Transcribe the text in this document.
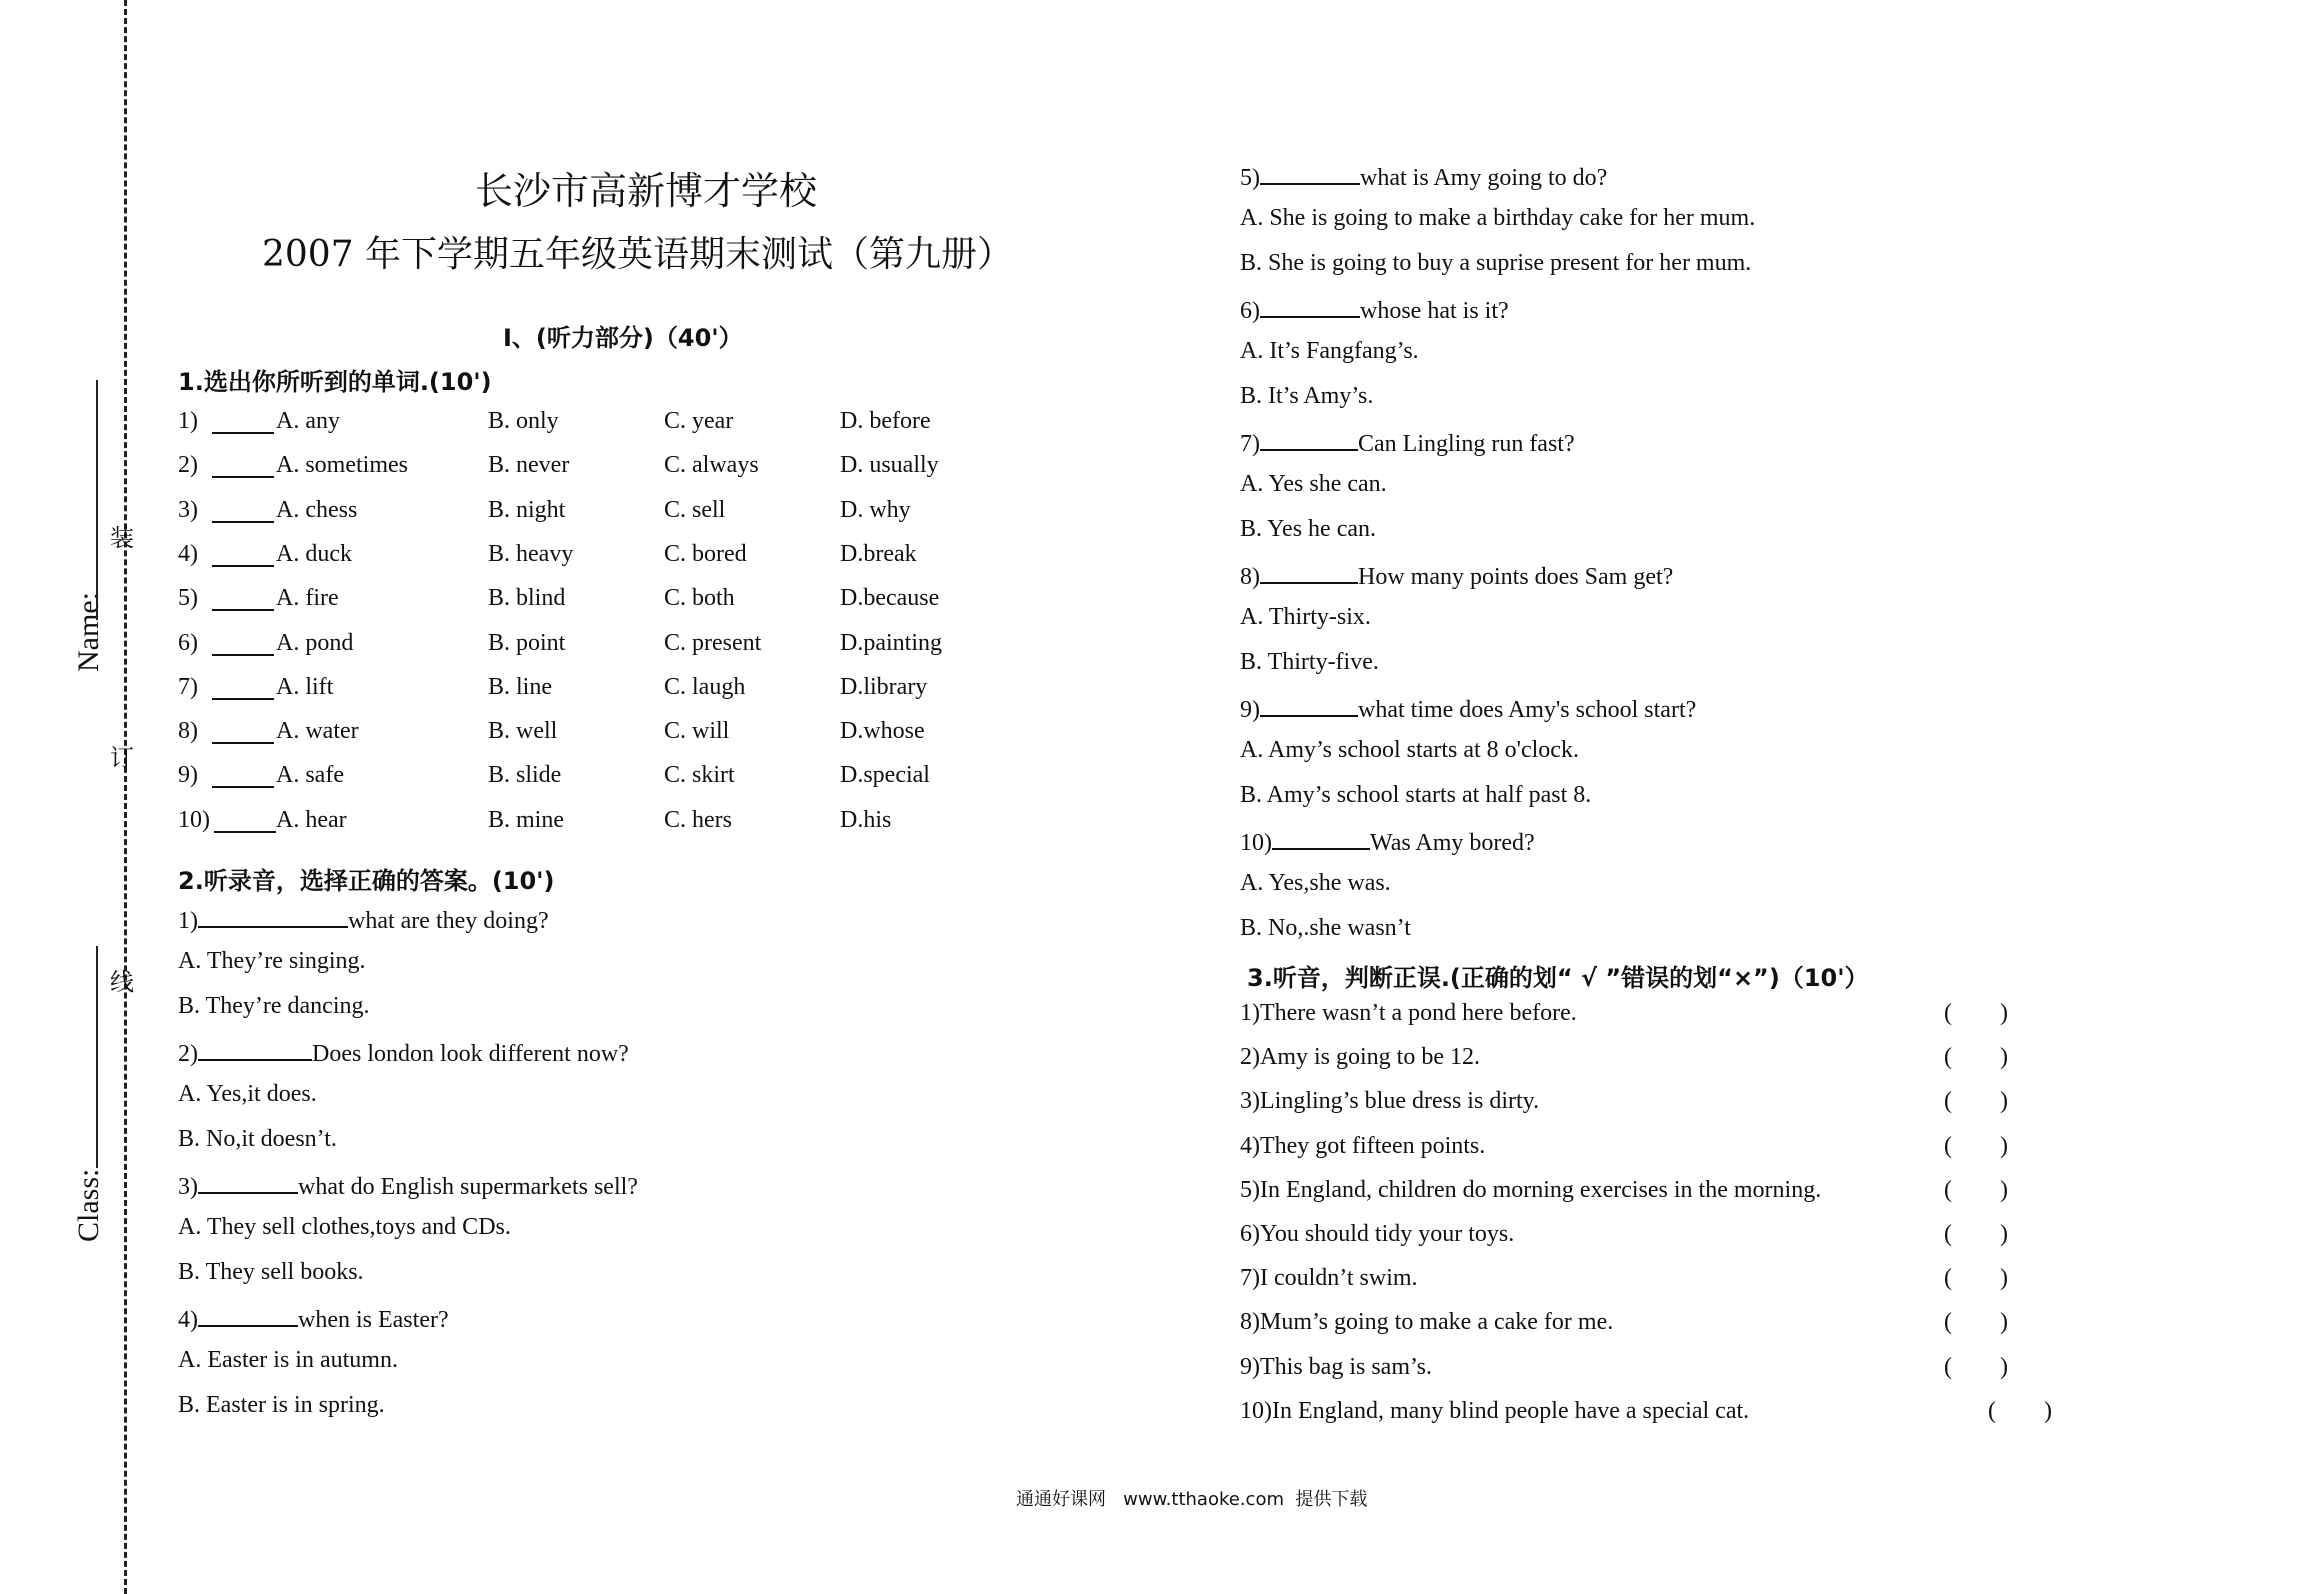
Name:
Class:
装
订
线
长沙市高新博才学校
2007 年下学期五年级英语期末测试（第九册）
I、(听力部分)（40'）
1.选出你所听到的单词.(10')
1)	A. any	B. only	C. year	D. before
2)	A. sometimes	B. never	C. always	D. usually
3)	A. chess	B. night	C. sell	D. why
4)	A. duck	B. heavy	C. bored	D.break
5)	A. fire	B. blind	C. both	D.because
6)	A. pond	B. point	C. present	D.painting
7)	A. lift	B. line	C. laugh	D.library
8)	A. water	B. well	C. will	D.whose
9)	A. safe	B. slide	C. skirt	D.special
10)	A. hear	B. mine	C. hers	D.his
2.听录音，选择正确的答案。(10')
1)	what are they doing?
A. They’re singing.
B. They’re dancing.
2)	Does london look different now?
A. Yes,it does.
B. No,it doesn’t.
3)	what do English supermarkets sell?
A. They sell clothes,toys and CDs.
B. They sell books.
4)	when is Easter?
A. Easter is in autumn.
B. Easter is in spring.
5)	what is Amy going to do?
A. She is going to make a birthday cake for her mum.
B. She is going to buy a suprise present for her mum.
6)	whose hat is it?
A. It’s Fangfang’s.
B. It’s Amy’s.
7)	Can Lingling run fast?
A. Yes she can.
B. Yes he can.
8)	How many points does Sam get?
A. Thirty-six.
B. Thirty-five.
9)	what time does Amy's school start?
A. Amy’s school starts at 8 o'clock.
B. Amy’s school starts at half past 8.
10)	Was Amy bored?
A. Yes,she was.
B. No,.she wasn’t
3.听音，判断正误.(正确的划“ √ ”错误的划“×”)（10'）
1)There wasn’t a pond here before.	(        )
2)Amy is going to be 12.	(        )
3)Lingling’s blue dress is dirty.	(        )
4)They got fifteen points.	(        )
5)In England, children do morning exercises in the morning.	(        )
6)You should tidy your toys.	(        )
7)I couldn’t swim.	(        )
8)Mum’s going to make a cake for me.	(        )
9)This bag is sam’s.	(        )
10)In England, many blind people have a special cat.	(        )
通通好课网   www.tthaoke.com  提供下载
